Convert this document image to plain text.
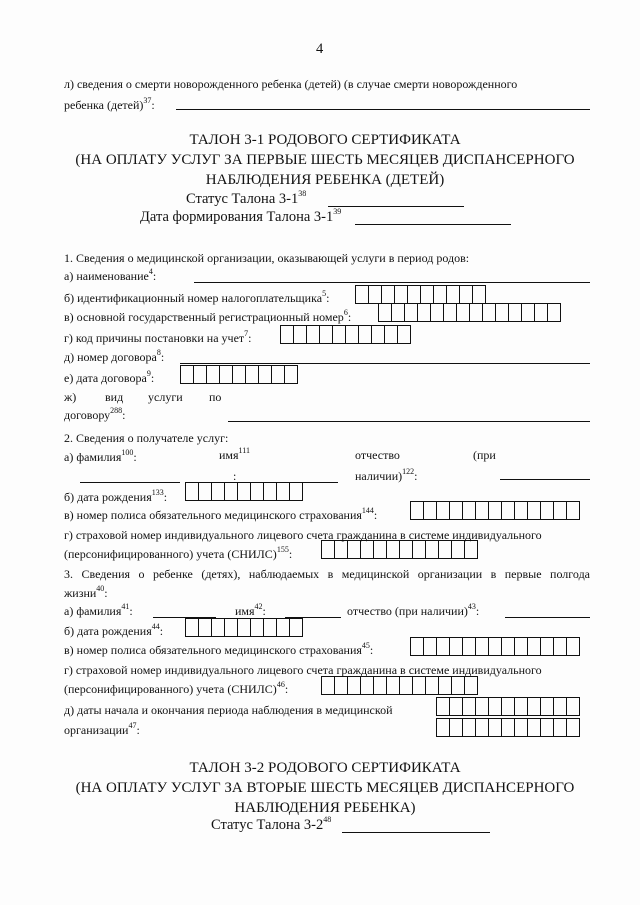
4
л) сведения о смерти новорожденного ребенка (детей) (в случае смерти новорожденного
ребенка (детей)$^{37}$:
ТАЛОН 3-1 РОДОВОГО СЕРТИФИКАТА
(НА ОПЛАТУ УСЛУГ ЗА ПЕРВЫЕ ШЕСТЬ МЕСЯЦЕВ ДИСПАНСЕРНОГО
НАБЛЮДЕНИЯ РЕБЕНКА (ДЕТЕЙ)
Статус Талона $3-1^{38}$
Дата формирования Талона $3-1^{39}$
1. Сведения о медицинской организации, оказывающей услуги в период родов:
а) наименование$^4$:
б) идентификационный номер налогоплательщика$^5$:
в) основной государственный регистрационный номер$^6$:
г) код причины постановки на учет$^7$:
д) номер договора$^8$:
е) дата договора$^9$:
ж) вид услуги по
договору$^{288}$:
2. Сведения о получателе услуг:
а) фамилия$^{100}$:	имя$^{111}$	отчество	(при
:	наличии)$^{122}$:
б) дата рождения$^{133}$:
в) номер полиса обязательного медицинского страхования$^{144}$:
г) страховой номер индивидуального лицевого счета гражданина в системе индивидуального
(персонифицированного) учета (СНИЛС)$^{155}$:
3. Сведения о ребенке (детях), наблюдаемых в медицинской организации в первые полгода
жизни$^{40}$:
а) фамилия$^{41}$:	имя$^{42}$:	отчество (при наличии)$^{43}$:
б) дата рождения$^{44}$:
в) номер полиса обязательного медицинского страхования$^{45}$:
г) страховой номер индивидуального лицевого счета гражданина в системе индивидуального
(персонифицированного) учета (СНИЛС)$^{46}$:
д) даты начала и окончания периода наблюдения в медицинской
организации$^{47}$:
ТАЛОН 3-2 РОДОВОГО СЕРТИФИКАТА
(НА ОПЛАТУ УСЛУГ ЗА ВТОРЫЕ ШЕСТЬ МЕСЯЦЕВ ДИСПАНСЕРНОГО
НАБЛЮДЕНИЯ РЕБЕНКА)
Статус Талона $3-2^{48}$
